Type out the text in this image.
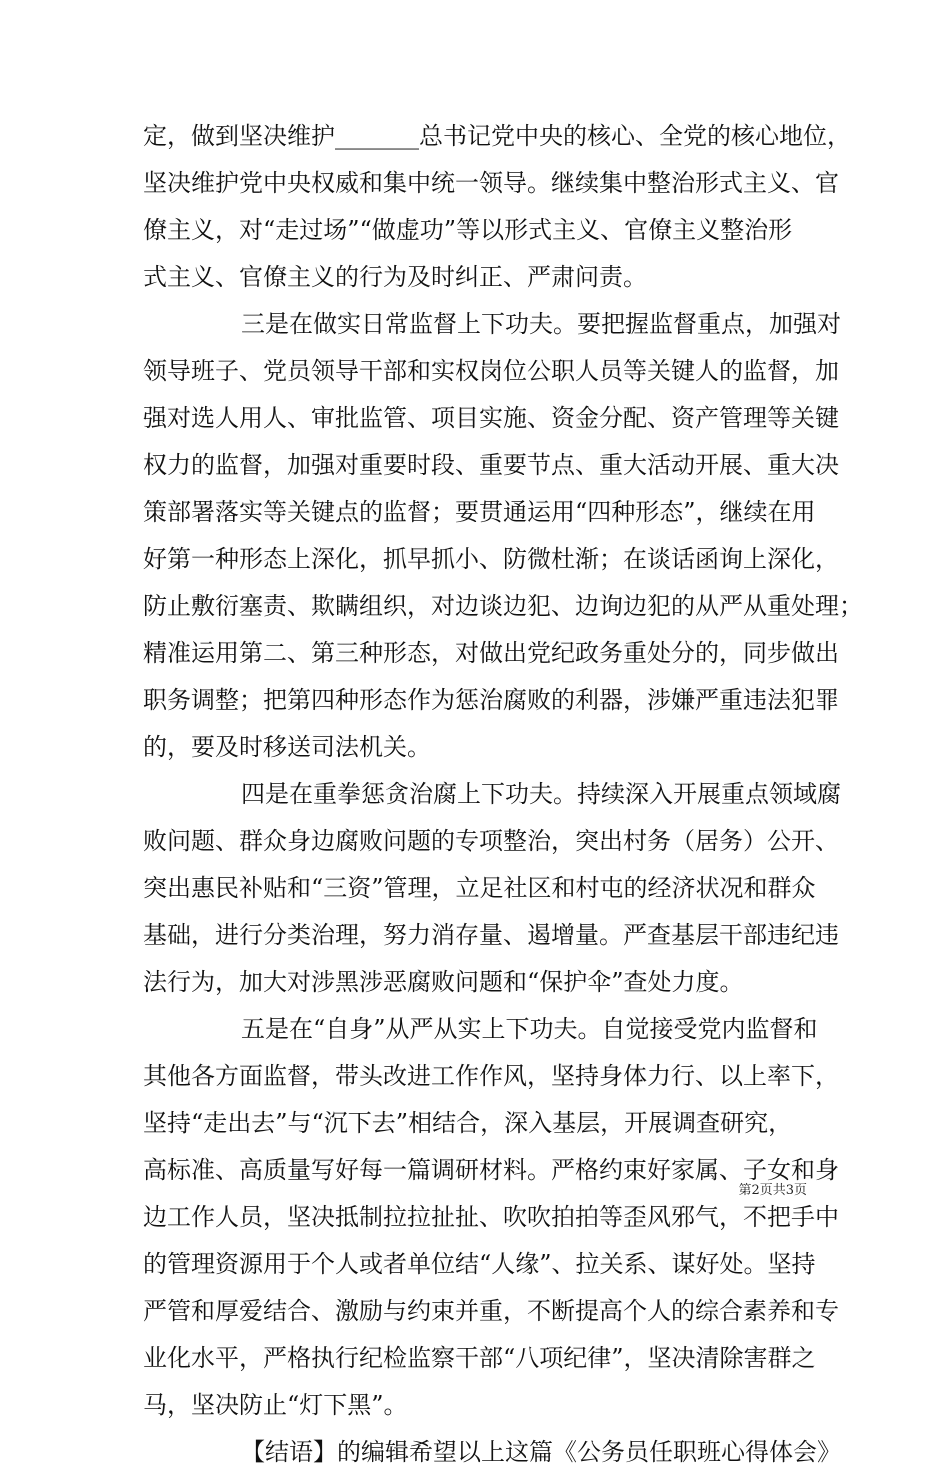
定，做到坚决维护_______总书记党中央的核心、全党的核心地位，
坚决维护党中央权威和集中统一领导。继续集中整治形式主义、官
僚主义，对“走过场”“做虚功”等以形式主义、官僚主义整治形
式主义、官僚主义的行为及时纠正、严肃问责。
三是在做实日常监督上下功夫。要把握监督重点，加强对
领导班子、党员领导干部和实权岗位公职人员等关键人的监督，加
强对选人用人、审批监管、项目实施、资金分配、资产管理等关键
权力的监督，加强对重要时段、重要节点、重大活动开展、重大决
策部署落实等关键点的监督；要贯通运用“四种形态”，继续在用
好第一种形态上深化，抓早抓小、防微杜渐；在谈话函询上深化，
防止敷衍塞责、欺瞒组织，对边谈边犯、边询边犯的从严从重处理；
精准运用第二、第三种形态，对做出党纪政务重处分的，同步做出
职务调整；把第四种形态作为惩治腐败的利器，涉嫌严重违法犯罪
的，要及时移送司法机关。
四是在重拳惩贪治腐上下功夫。持续深入开展重点领域腐
败问题、群众身边腐败问题的专项整治，突出村务（居务）公开、
突出惠民补贴和“三资”管理，立足社区和村屯的经济状况和群众
基础，进行分类治理，努力消存量、遏增量。严查基层干部违纪违
法行为，加大对涉黑涉恶腐败问题和“保护伞”查处力度。
五是在“自身”从严从实上下功夫。自觉接受党内监督和
其他各方面监督，带头改进工作作风，坚持身体力行、以上率下，
坚持“走出去”与“沉下去”相结合，深入基层，开展调查研究，
高标准、高质量写好每一篇调研材料。严格约束好家属、子女和身
边工作人员，坚决抵制拉拉扯扯、吹吹拍拍等歪风邪气，不把手中
的管理资源用于个人或者单位结“人缘”、拉关系、谋好处。坚持
严管和厚爱结合、激励与约束并重，不断提高个人的综合素养和专
业化水平，严格执行纪检监察干部“八项纪律”，坚决清除害群之
马，坚决防止“灯下黑”。
【结语】的编辑希望以上这篇《公务员任职班心得体会》
第2页共3页
